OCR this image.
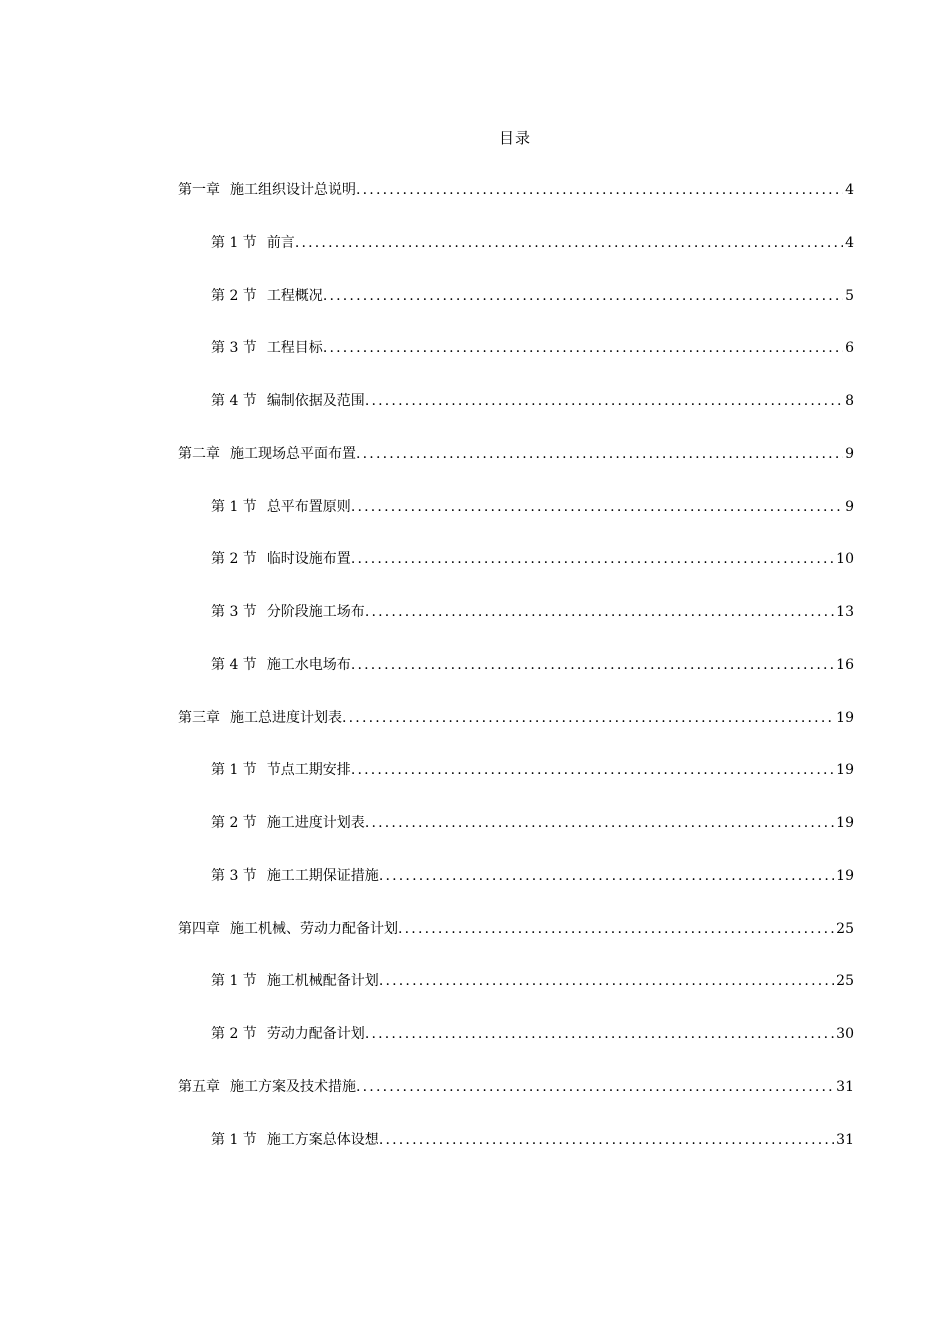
目录
第一章 施工组织设计总说明 .....	4
第 1 节 前言 .....	4
第 2 节 工程概况 .....	5
第 3 节 工程目标 .....	6
第 4 节 编制依据及范围 .....	8
第二章 施工现场总平面布置 .....	9
第 1 节 总平布置原则 .....	9
第 2 节 临时设施布置 .....	10
第 3 节 分阶段施工场布 .....	13
第 4 节 施工水电场布 .....	16
第三章 施工总进度计划表 .....	19
第 1 节 节点工期安排 .....	19
第 2 节 施工进度计划表 .....	19
第 3 节 施工工期保证措施 .....	19
第四章 施工机械、劳动力配备计划 .....	25
第 1 节 施工机械配备计划 .....	25
第 2 节 劳动力配备计划 .....	30
第五章 施工方案及技术措施 .....	31
第 1 节 施工方案总体设想 .....	31
